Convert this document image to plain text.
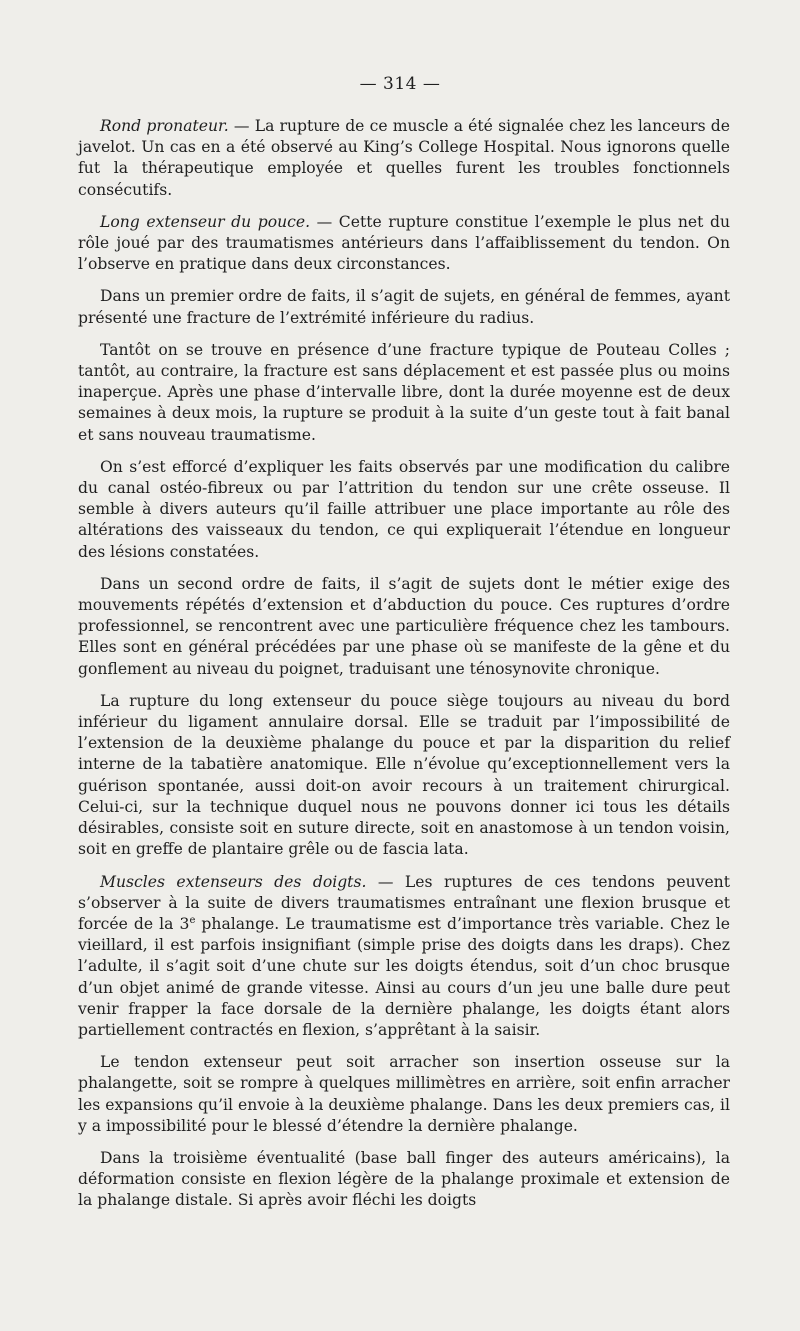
— 314 —

Rond pronateur. — La rupture de ce muscle a été signalée chez les lanceurs de javelot. Un cas en a été observé au King’s College Hospital. Nous ignorons quelle fut la thérapeutique employée et quelles furent les troubles fonctionnels consécutifs.

Long extenseur du pouce. — Cette rupture constitue l’exemple le plus net du rôle joué par des traumatismes antérieurs dans l’affaiblissement du tendon. On l’observe en pratique dans deux circonstances.

Dans un premier ordre de faits, il s’agit de sujets, en général de femmes, ayant présenté une fracture de l’extrémité inférieure du radius.

Tantôt on se trouve en présence d’une fracture typique de Pouteau Colles ; tantôt, au contraire, la fracture est sans déplacement et est passée plus ou moins inaperçue. Après une phase d’intervalle libre, dont la durée moyenne est de deux semaines à deux mois, la rupture se produit à la suite d’un geste tout à fait banal et sans nouveau traumatisme.

On s’est efforcé d’expliquer les faits observés par une modification du calibre du canal ostéo-fibreux ou par l’attrition du tendon sur une crête osseuse. Il semble à divers auteurs qu’il faille attribuer une place importante au rôle des altérations des vaisseaux du tendon, ce qui expliquerait l’étendue en longueur des lésions constatées.

Dans un second ordre de faits, il s’agit de sujets dont le métier exige des mouvements répétés d’extension et d’abduction du pouce. Ces ruptures d’ordre professionnel, se rencontrent avec une particulière fréquence chez les tambours. Elles sont en général précédées par une phase où se manifeste de la gêne et du gonflement au niveau du poignet, traduisant une ténosynovite chronique.

La rupture du long extenseur du pouce siège toujours au niveau du bord inférieur du ligament annulaire dorsal. Elle se traduit par l’impossibilité de l’extension de la deuxième phalange du pouce et par la disparition du relief interne de la tabatière anatomique. Elle n’évolue qu’exceptionnellement vers la guérison spontanée, aussi doit-on avoir recours à un traitement chirurgical. Celui-ci, sur la technique duquel nous ne pouvons donner ici tous les détails désirables, consiste soit en suture directe, soit en anastomose à un tendon voisin, soit en greffe de plantaire grêle ou de fascia lata.

Muscles extenseurs des doigts. — Les ruptures de ces tendons peuvent s’observer à la suite de divers traumatismes entraînant une flexion brusque et forcée de la 3e phalange. Le traumatisme est d’importance très variable. Chez le vieillard, il est parfois insignifiant (simple prise des doigts dans les draps). Chez l’adulte, il s’agit soit d’une chute sur les doigts étendus, soit d’un choc brusque d’un objet animé de grande vitesse. Ainsi au cours d’un jeu une balle dure peut venir frapper la face dorsale de la dernière phalange, les doigts étant alors partiellement contractés en flexion, s’apprêtant à la saisir.

Le tendon extenseur peut soit arracher son insertion osseuse sur la phalangette, soit se rompre à quelques millimètres en arrière, soit enfin arracher les expansions qu’il envoie à la deuxième phalange. Dans les deux premiers cas, il y a impossibilité pour le blessé d’étendre la dernière phalange.

Dans la troisième éventualité (base ball finger des auteurs américains), la déformation consiste en flexion légère de la phalange proximale et extension de la phalange distale. Si après avoir fléchi les doigts
